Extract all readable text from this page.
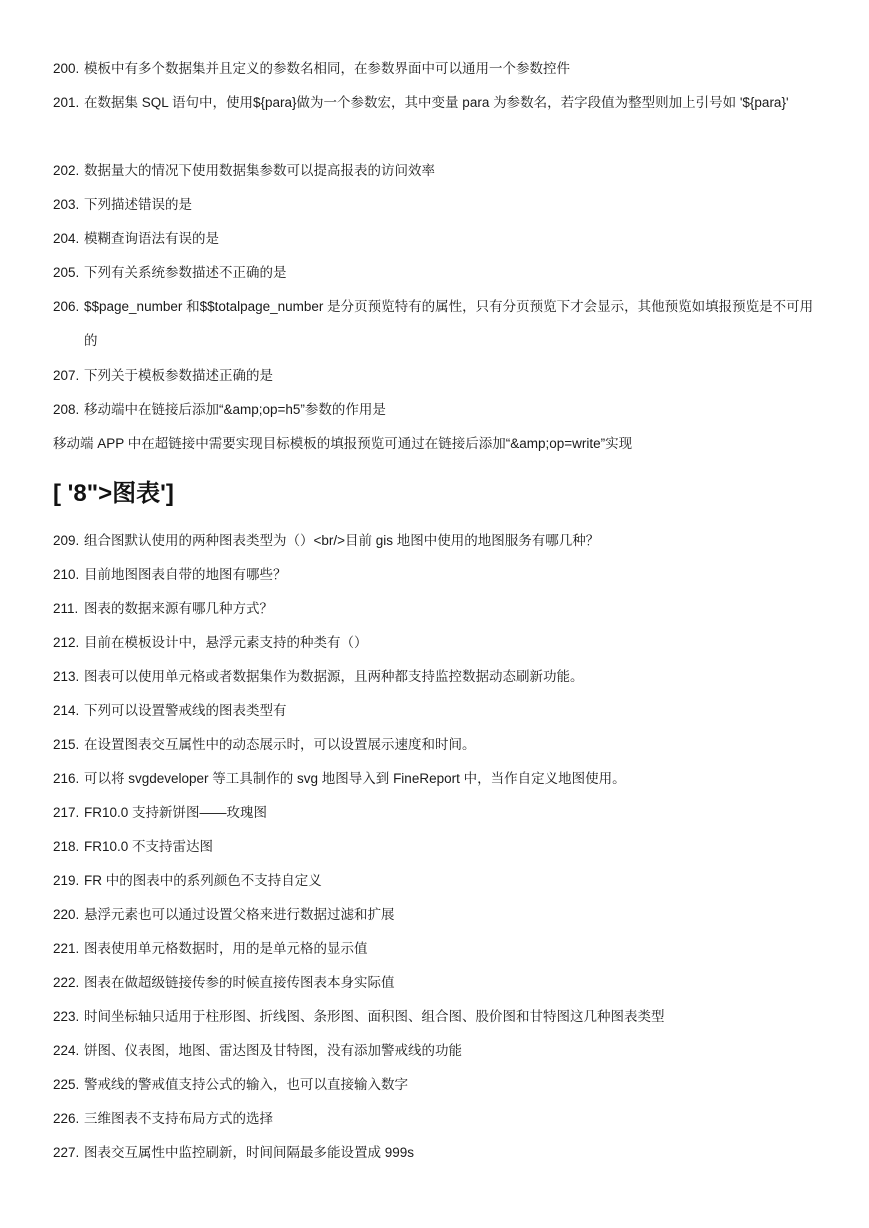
200. 模板中有多个数据集并且定义的参数名相同，在参数界面中可以通用一个参数控件
201. 在数据集 SQL 语句中，使用${para}做为一个参数宏，其中变量 para 为参数名，若字段值为整型则加上引号如 '${para}'
202. 数据量大的情况下使用数据集参数可以提高报表的访问效率
203. 下列描述错误的是
204. 模糊查询语法有误的是
205. 下列有关系统参数描述不正确的是
206. $$page_number 和$$totalpage_number 是分页预览特有的属性，只有分页预览下才会显示，其他预览如填报预览是不可用的
207. 下列关于模板参数描述正确的是
208. 移动端中在链接后添加“&amp;op=h5”参数的作用是
移动端 APP 中在超链接中需要实现目标模板的填报预览可通过在链接后添加“&amp;op=write”实现
[ '8">图表']
209. 组合图默认使用的两种图表类型为（）<br/>目前 gis 地图中使用的地图服务有哪几种？
210. 目前地图图表自带的地图有哪些？
211. 图表的数据来源有哪几种方式？
212. 目前在模板设计中，悬浮元素支持的种类有（）
213. 图表可以使用单元格或者数据集作为数据源，且两种都支持监控数据动态刷新功能。
214. 下列可以设置警戒线的图表类型有
215. 在设置图表交互属性中的动态展示时，可以设置展示速度和时间。
216. 可以将 svgdeveloper 等工具制作的 svg 地图导入到 FineReport 中，当作自定义地图使用。
217. FR10.0 支持新饼图——玫瑰图
218. FR10.0 不支持雷达图
219. FR 中的图表中的系列颜色不支持自定义
220. 悬浮元素也可以通过设置父格来进行数据过滤和扩展
221. 图表使用单元格数据时，用的是单元格的显示值
222. 图表在做超级链接传参的时候直接传图表本身实际值
223. 时间坐标轴只适用于柱形图、折线图、条形图、面积图、组合图、股价图和甘特图这几种图表类型
224. 饼图、仪表图，地图、雷达图及甘特图，没有添加警戒线的功能
225. 警戒线的警戒值支持公式的输入，也可以直接输入数字
226. 三维图表不支持布局方式的选择
227. 图表交互属性中监控刷新，时间间隔最多能设置成 999s
